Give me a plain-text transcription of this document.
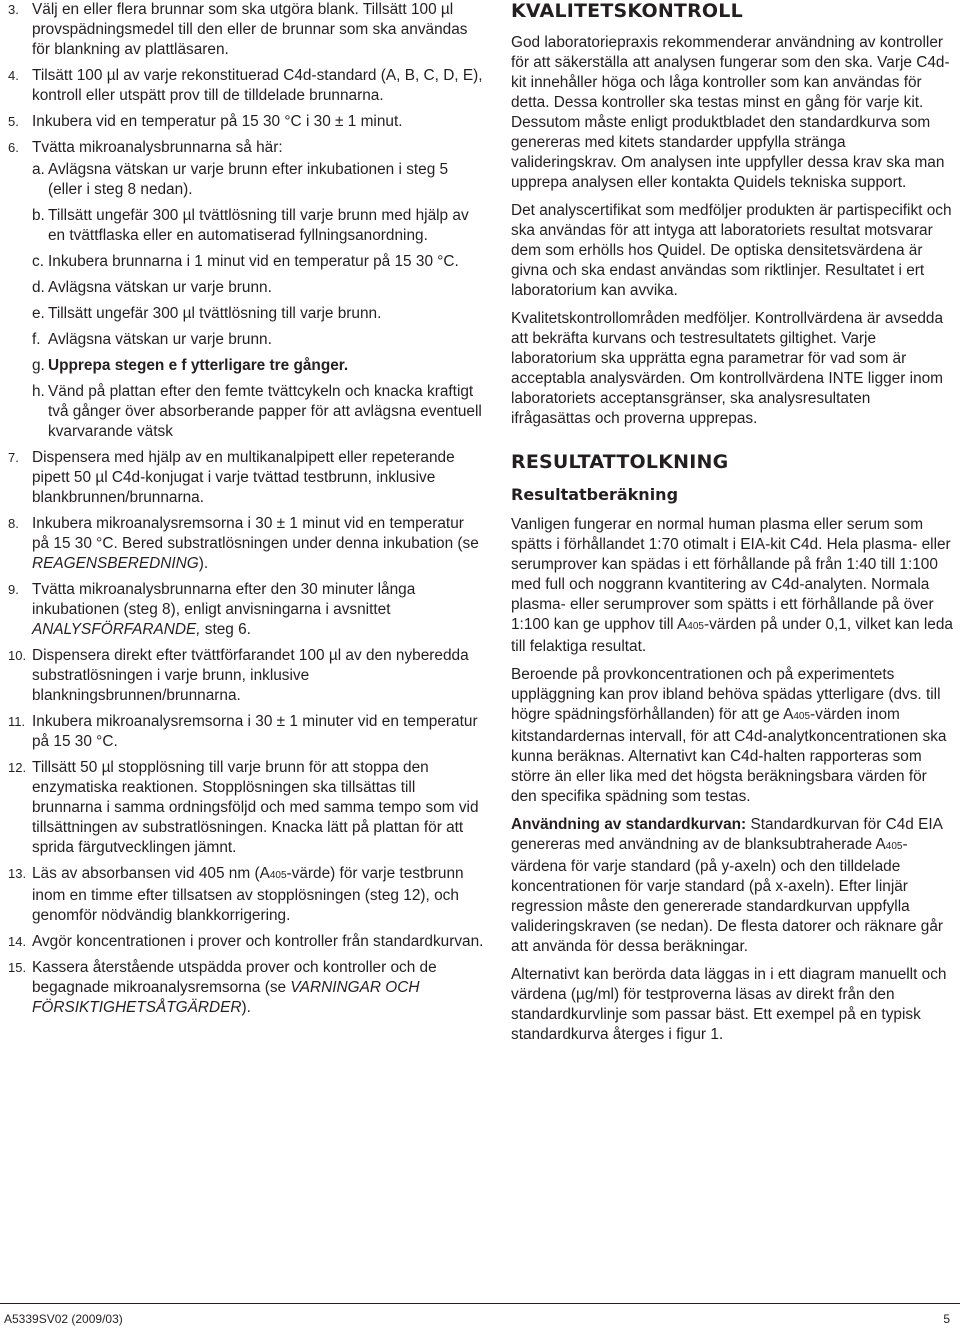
3. Välj en eller flera brunnar som ska utgöra blank. Tillsätt 100 µl provspädningsmedel till den eller de brunnar som ska användas för blankning av plattläsaren.
4. Tilsätt 100 µl av varje rekonstituerad C4d-standard (A, B, C, D, E), kontroll eller utspätt prov till de tilldelade brunnarna.
5. Inkubera vid en temperatur på 15 30 °C i 30 ± 1 minut.
6. Tvätta mikroanalysbrunnarna så här:
a. Avlägsna vätskan ur varje brunn efter inkubationen i steg 5 (eller i steg 8 nedan).
b. Tillsätt ungefär 300 µl tvättlösning till varje brunn med hjälp av en tvättflaska eller en automatiserad fyllningsanordning.
c. Inkubera brunnarna i 1 minut vid en temperatur på 15 30 °C.
d. Avlägsna vätskan ur varje brunn.
e. Tillsätt ungefär 300 µl tvättlösning till varje brunn.
f. Avlägsna vätskan ur varje brunn.
g. Upprepa stegen e f ytterligare tre gånger.
h. Vänd på plattan efter den femte tvättcykeln och knacka kraftigt två gånger över absorberande papper för att avlägsna eventuell kvarvarande vätsk
7. Dispensera med hjälp av en multikanalpipett eller repeterande pipett 50 µl C4d-konjugat i varje tvättad testbrunn, inklusive blankbrunnen/brunnarna.
8. Inkubera mikroanalysremsorna i 30 ± 1 minut vid en temperatur på 15 30 °C. Bered substratlösningen under denna inkubation (se REAGENSBEREDNING).
9. Tvätta mikroanalysbrunnarna efter den 30 minuter långa inkubationen (steg 8), enligt anvisningarna i avsnittet ANALYSFÖRFARANDE, steg 6.
10. Dispensera direkt efter tvättförfarandet 100 µl av den nyberedda substratlösningen i varje brunn, inklusive blankningsbrunnen/brunnarna.
11. Inkubera mikroanalysremsorna i 30 ± 1 minuter vid en temperatur på 15 30 °C.
12. Tillsätt 50 µl stopplösning till varje brunn för att stoppa den enzymatiska reaktionen. Stopplösningen ska tillsättas till brunnarna i samma ordningsföljd och med samma tempo som vid tillsättningen av substratlösningen. Knacka lätt på plattan för att sprida färgutvecklingen jämnt.
13. Läs av absorbansen vid 405 nm (A405-värde) för varje testbrunn inom en timme efter tillsatsen av stopplösningen (steg 12), och genomför nödvändig blankkorrigering.
14. Avgör koncentrationen i prover och kontroller från standardkurvan.
15. Kassera återstående utspädda prover och kontroller och de begagnade mikroanalysremsorna (se VARNINGAR OCH FÖRSIKTIGHETSÅTGÄRDER).
KVALITETSKONTROLL

God laboratoriepraxis rekommenderar användning av kontroller för att säkerställa att analysen fungerar som den ska. Varje C4d-kit innehåller höga och låga kontroller som kan användas för detta. Dessa kontroller ska testas minst en gång för varje kit. Dessutom måste enligt produktbladet den standardkurva som genereras med kitets standarder uppfylla stränga valideringskrav. Om analysen inte uppfyller dessa krav ska man upprepa analysen eller kontakta Quidels tekniska support.

Det analyscertifikat som medföljer produkten är partispecifikt och ska användas för att intyga att laboratoriets resultat motsvarar dem som erhölls hos Quidel. De optiska densitetsvärdena är givna och ska endast användas som riktlinjer. Resultatet i ert laboratorium kan avvika.

Kvalitetskontrollområden medföljer. Kontrollvärdena är avsedda att bekräfta kurvans och testresultatets giltighet. Varje laboratorium ska upprätta egna parametrar för vad som är acceptabla analysvärden. Om kontrollvärdena INTE ligger inom laboratoriets acceptansgränser, ska analysresultaten ifrågasättas och proverna upprepas.

RESULTATTOLKNING
Resultatberäkning

Vanligen fungerar en normal human plasma eller serum som spätts i förhållandet 1:70 otimalt i EIA-kit C4d. Hela plasma- eller serumprover kan spädas i ett förhållande på från 1:40 till 1:100 med full och noggrann kvantitering av C4d-analyten. Normala plasma- eller serumprover som spätts i ett förhållande på över 1:100 kan ge upphov till A405-värden på under 0,1, vilket kan leda till felaktiga resultat.

Beroende på provkoncentrationen och på experimentets uppläggning kan prov ibland behöva spädas ytterligare (dvs. till högre spädningsförhållanden) för att ge A405-värden inom kitstandardernas intervall, för att C4d-analytkoncentrationen ska kunna beräknas. Alternativt kan C4d-halten rapporteras som större än eller lika med det högsta beräkningsbara värden för den specifika spädning som testas.

Användning av standardkurvan: Standardkurvan för C4d EIA genereras med användning av de blanksubtraherade A405-värdena för varje standard (på y-axeln) och den tilldelade koncentrationen för varje standard (på x-axeln). Efter linjär regression måste den genererade standardkurvan uppfylla valideringskraven (se nedan). De flesta datorer och räknare går att använda för dessa beräkningar.

Alternativt kan berörda data läggas in i ett diagram manuellt och värdena (µg/ml) för testproverna läsas av direkt från den standardkurvlinje som passar bäst. Ett exempel på en typisk standardkurva återges i figur 1.

A5339SV02 (2009/03)	5
